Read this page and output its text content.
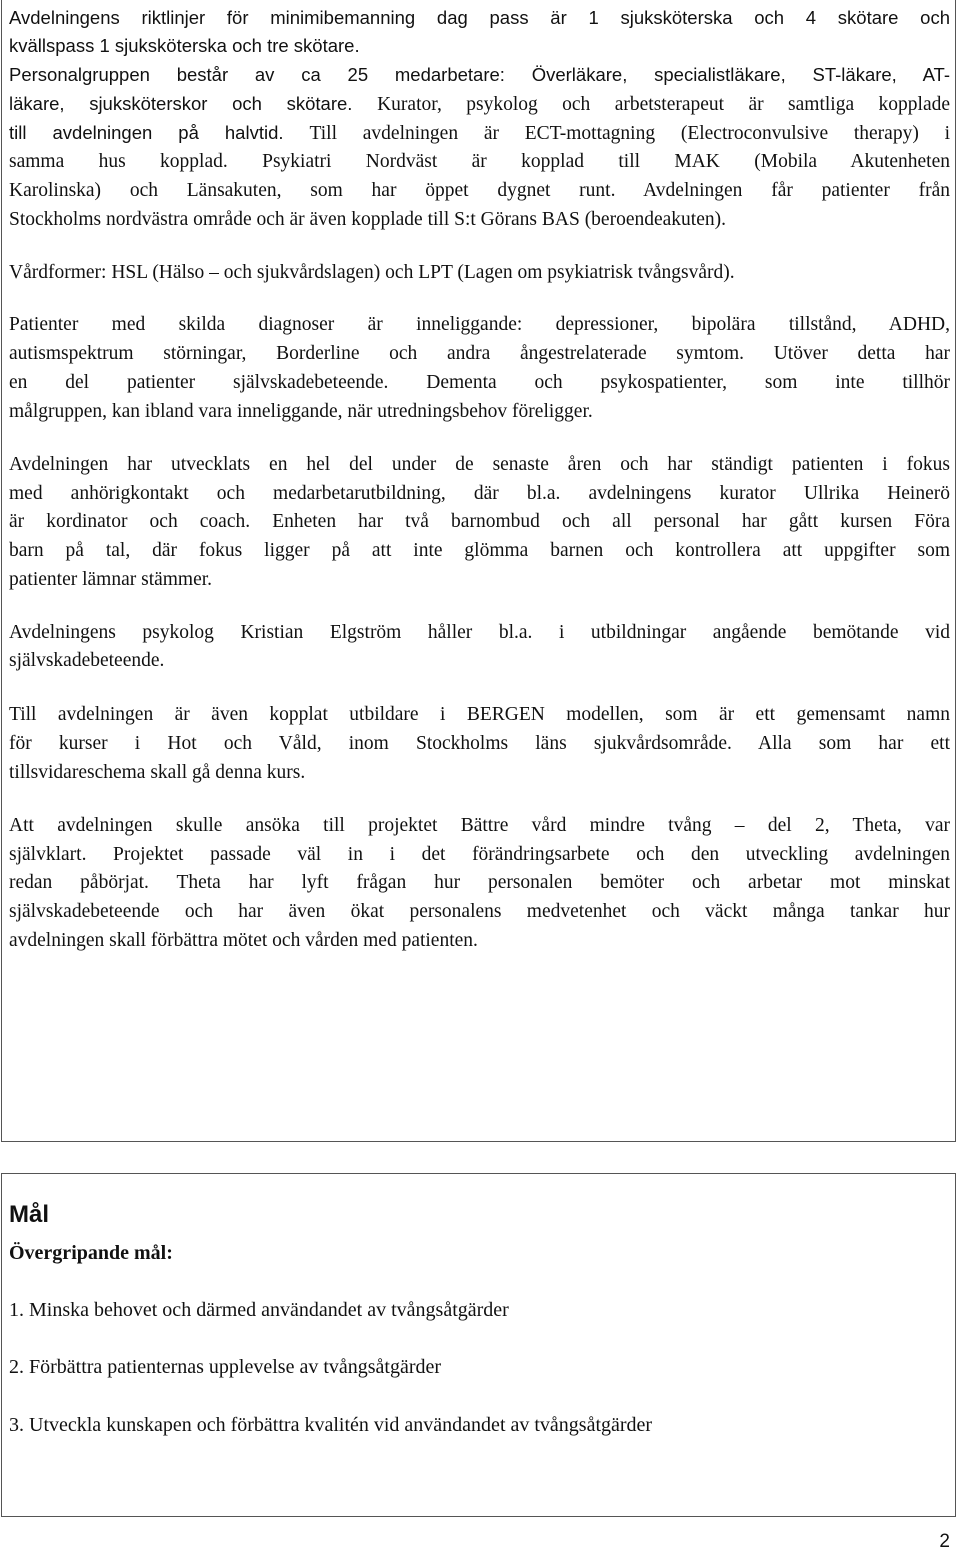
Avdelningens riktlinjer för minimibemanning dag pass är 1 sjuksköterska och 4 skötare och
kvällspass 1 sjuksköterska och tre skötare.
Personalgruppen består av ca 25 medarbetare: Överläkare, specialistläkare, ST-läkare, AT-
läkare, sjuksköterskor och skötare. Kurator, psykolog och arbetsterapeut är samtliga kopplade
till avdelningen på halvtid. Till avdelningen är ECT-mottagning (Electroconvulsive therapy) i
samma hus kopplad. Psykiatri Nordväst är kopplad till MAK (Mobila Akutenheten
Karolinska) och Länsakuten, som har öppet dygnet runt. Avdelningen får patienter från
Stockholms nordvästra område och är även kopplade till S:t Görans BAS (beroendeakuten).
Vårdformer: HSL (Hälso – och sjukvårdslagen) och LPT (Lagen om psykiatrisk tvångsvård).
Patienter med skilda diagnoser är inneliggande: depressioner, bipolära tillstånd, ADHD,
autismspektrum störningar, Borderline och andra ångestrelaterade symtom. Utöver detta har
en del patienter självskadebeteende. Dementa och psykospatienter, som inte tillhör
målgruppen, kan ibland vara inneliggande, när utredningsbehov föreligger.
Avdelningen har utvecklats en hel del under de senaste åren och har ständigt patienten i fokus
med anhörigkontakt och medarbetarutbildning, där bl.a. avdelningens kurator Ullrika Heinerö
är kordinator och coach. Enheten har två barnombud och all personal har gått kursen Föra
barn på tal, där fokus ligger på att inte glömma barnen och kontrollera att uppgifter som
patienter lämnar stämmer.
Avdelningens psykolog Kristian Elgström håller bl.a. i utbildningar angående bemötande vid
självskadebeteende.
Till avdelningen är även kopplat utbildare i BERGEN modellen, som är ett gemensamt namn
för kurser i Hot och Våld, inom Stockholms läns sjukvårdsområde. Alla som har ett
tillsvidareschema skall gå denna kurs.
Att avdelningen skulle ansöka till projektet Bättre vård mindre tvång – del 2, Theta, var
självklart. Projektet passade väl in i det förändringsarbete och den utveckling avdelningen
redan påbörjat. Theta har lyft frågan hur personalen bemöter och arbetar mot minskat
självskadebeteende och har även ökat personalens medvetenhet och väckt många tankar hur
avdelningen skall förbättra mötet och vården med patienten.
Mål
Övergripande mål:
1. Minska behovet och därmed användandet av tvångsåtgärder
2. Förbättra patienternas upplevelse av tvångsåtgärder
3. Utveckla kunskapen och förbättra kvalitén vid användandet av tvångsåtgärder
2
